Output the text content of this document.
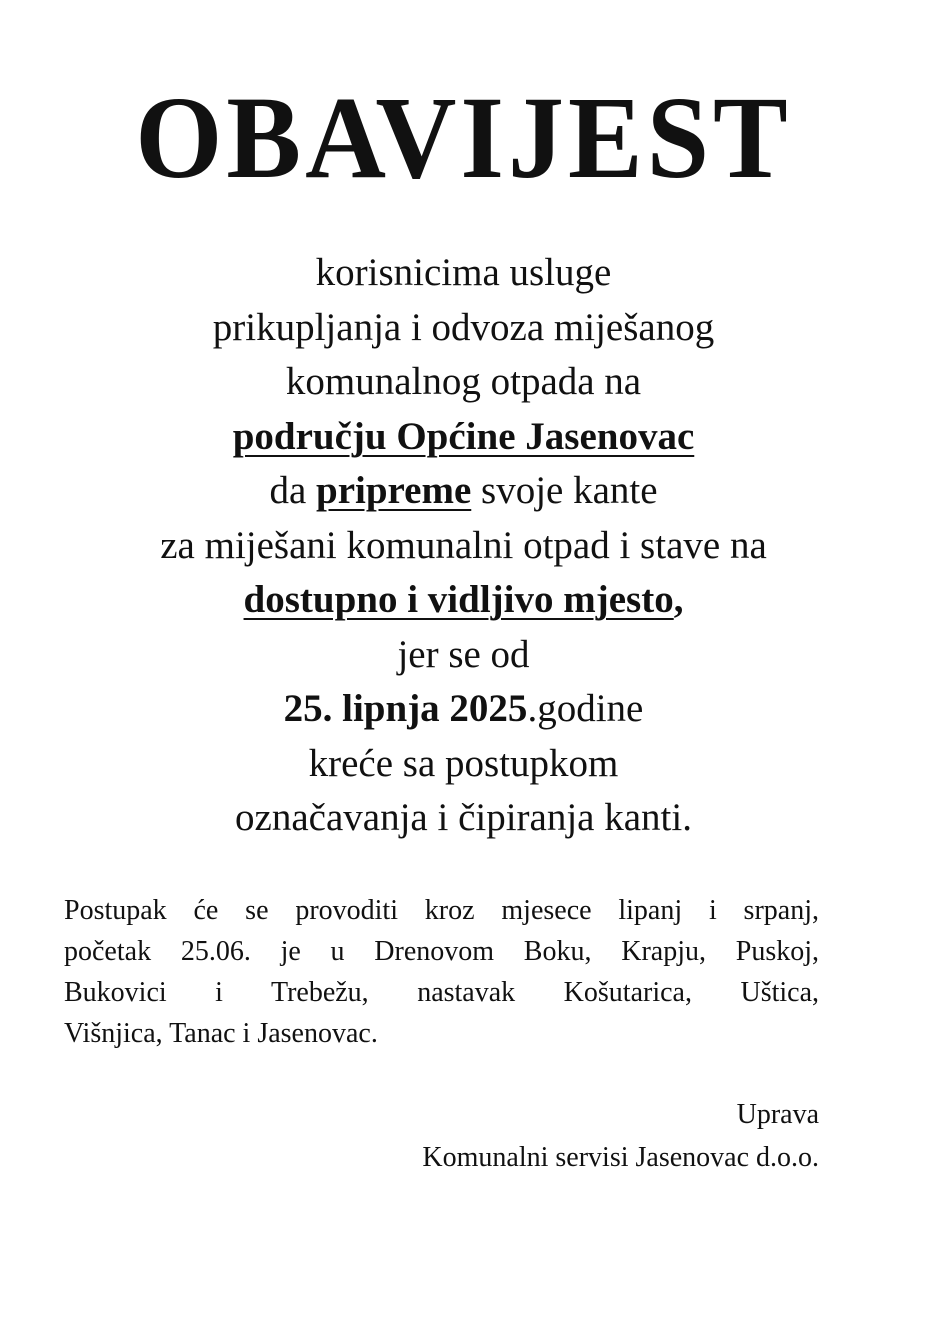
OBAVIJEST
korisnicima usluge
prikupljanja i odvoza miješanog
komunalnog otpada na
području Općine Jasenovac
da pripreme svoje kante
za miješani komunalni otpad i stave na
dostupno i vidljivo mjesto,
jer se od
25. lipnja 2025.godine
kreće sa postupkom
označavanja i čipiranja kanti.
Postupak će se provoditi kroz mjesece lipanj i srpanj,
početak 25.06. je u Drenovom Boku, Krapju, Puskoj,
Bukovici i Trebežu, nastavak Košutarica, Uštica,
Višnjica, Tanac i Jasenovac.
Uprava
Komunalni servisi Jasenovac d.o.o.
